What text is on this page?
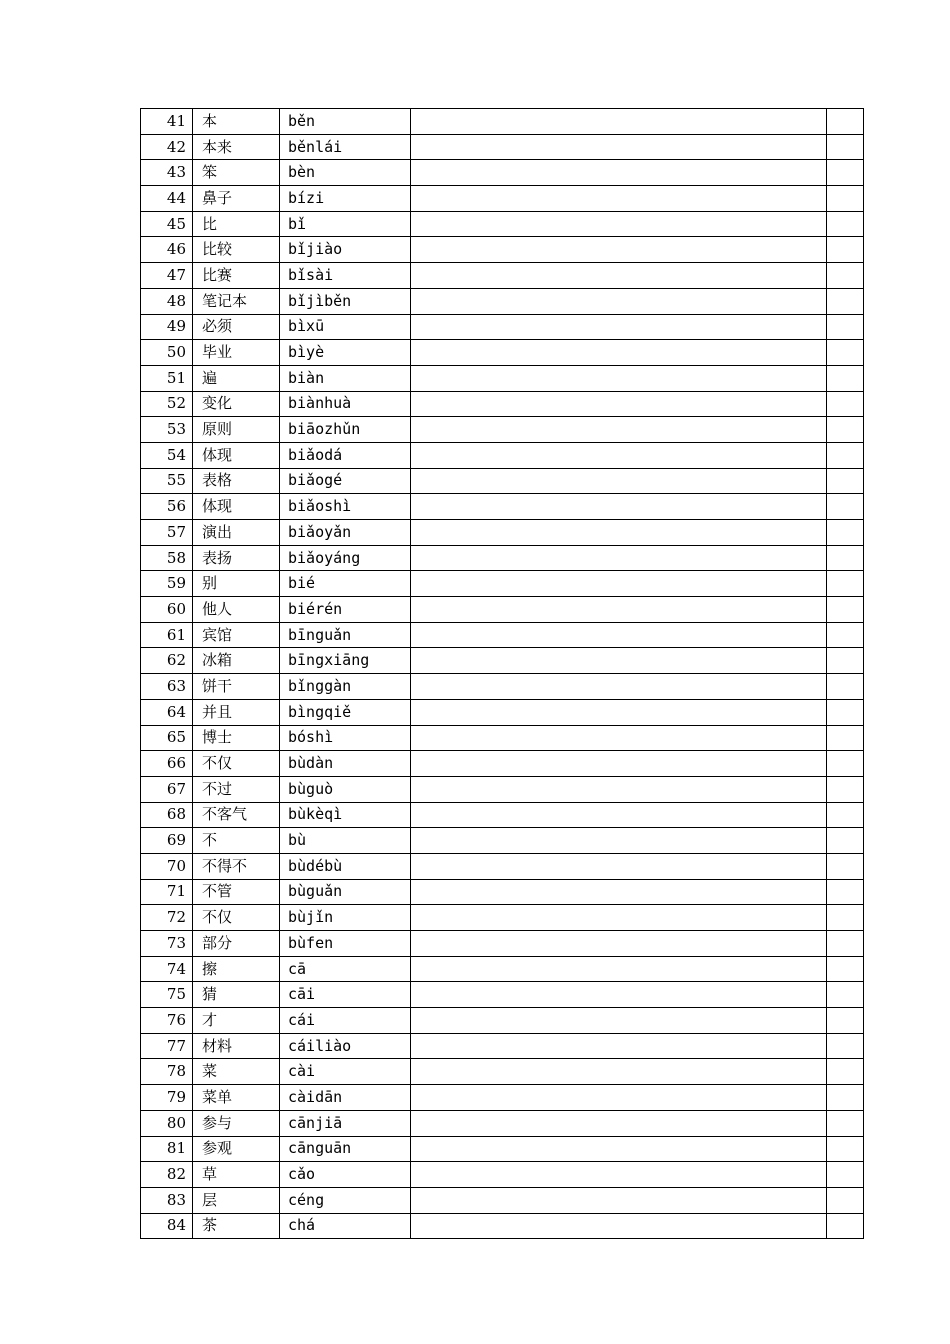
41	本	běn		
42	本来	běnlái		
43	笨	bèn		
44	鼻子	bízi		
45	比	bǐ		
46	比较	bǐjiào		
47	比赛	bǐsài		
48	笔记本	bǐjìběn		
49	必须	bìxū		
50	毕业	bìyè		
51	遍	biàn		
52	变化	biànhuà		
53	原则	biāozhǔn		
54	体现	biǎodá		
55	表格	biǎogé		
56	体现	biǎoshì		
57	演出	biǎoyǎn		
58	表扬	biǎoyáng		
59	别	bié		
60	他人	biérén		
61	宾馆	bīnguǎn		
62	冰箱	bīngxiāng		
63	饼干	bǐnggàn		
64	并且	bìngqiě		
65	博士	bóshì		
66	不仅	bùdàn		
67	不过	bùguò		
68	不客气	bùkèqì		
69	不	bù		
70	不得不	bùdébù		
71	不管	bùguǎn		
72	不仅	bùjǐn		
73	部分	bùfen		
74	擦	cā		
75	猜	cāi		
76	才	cái		
77	材料	cáiliào		
78	菜	cài		
79	菜单	càidān		
80	参与	cānjiā		
81	参观	cānguān		
82	草	cǎo		
83	层	céng		
84	茶	chá		
